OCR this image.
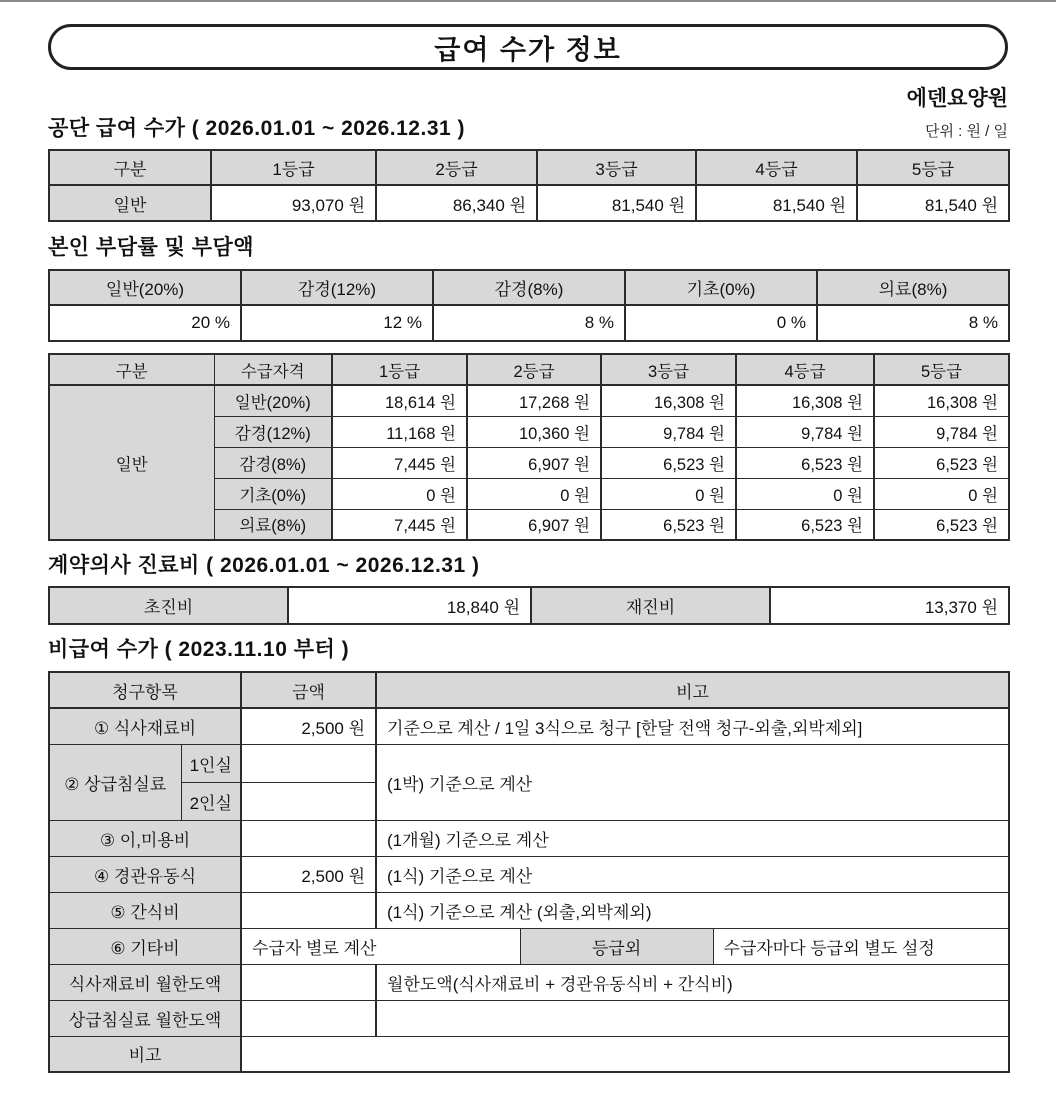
급여 수가 정보
에덴요양원
공단 급여 수가 ( 2026.01.01 ~ 2026.12.31 )	단위 : 원 / 일
구분	1등급	2등급	3등급	4등급	5등급
일반	93,070 원	86,340 원	81,540 원	81,540 원	81,540 원
본인 부담률 및 부담액
일반(20%)	감경(12%)	감경(8%)	기초(0%)	의료(8%)
20 %	12 %	8 %	0 %	8 %
구분	수급자격	1등급	2등급	3등급	4등급	5등급
일반	일반(20%)	18,614 원	17,268 원	16,308 원	16,308 원	16,308 원
	감경(12%)	11,168 원	10,360 원	9,784 원	9,784 원	9,784 원
	감경(8%)	7,445 원	6,907 원	6,523 원	6,523 원	6,523 원
	기초(0%)	0 원	0 원	0 원	0 원	0 원
	의료(8%)	7,445 원	6,907 원	6,523 원	6,523 원	6,523 원
계약의사 진료비 ( 2026.01.01 ~ 2026.12.31 )
초진비	18,840 원	재진비	13,370 원
비급여 수가 ( 2023.11.10 부터 )
청구항목		금액	비고		
① 식사재료비		2,500 원	기준으로 계산 / 1일 3식으로 청구 [한달 전액 청구-외출,외박제외]		
② 상급침실료	1인실		(1박) 기준으로 계산		
	2인실				
③ 이,미용비			(1개월) 기준으로 계산		
④ 경관유동식		2,500 원	(1식) 기준으로 계산		
⑤ 간식비			(1식) 기준으로 계산 (외출,외박제외)		
⑥ 기타비		수급자 별로 계산		등급외	수급자마다 등급외 별도 설정
식사재료비 월한도액			월한도액(식사재료비 + 경관유동식비 + 간식비)		
상급침실료 월한도액					
비고					
